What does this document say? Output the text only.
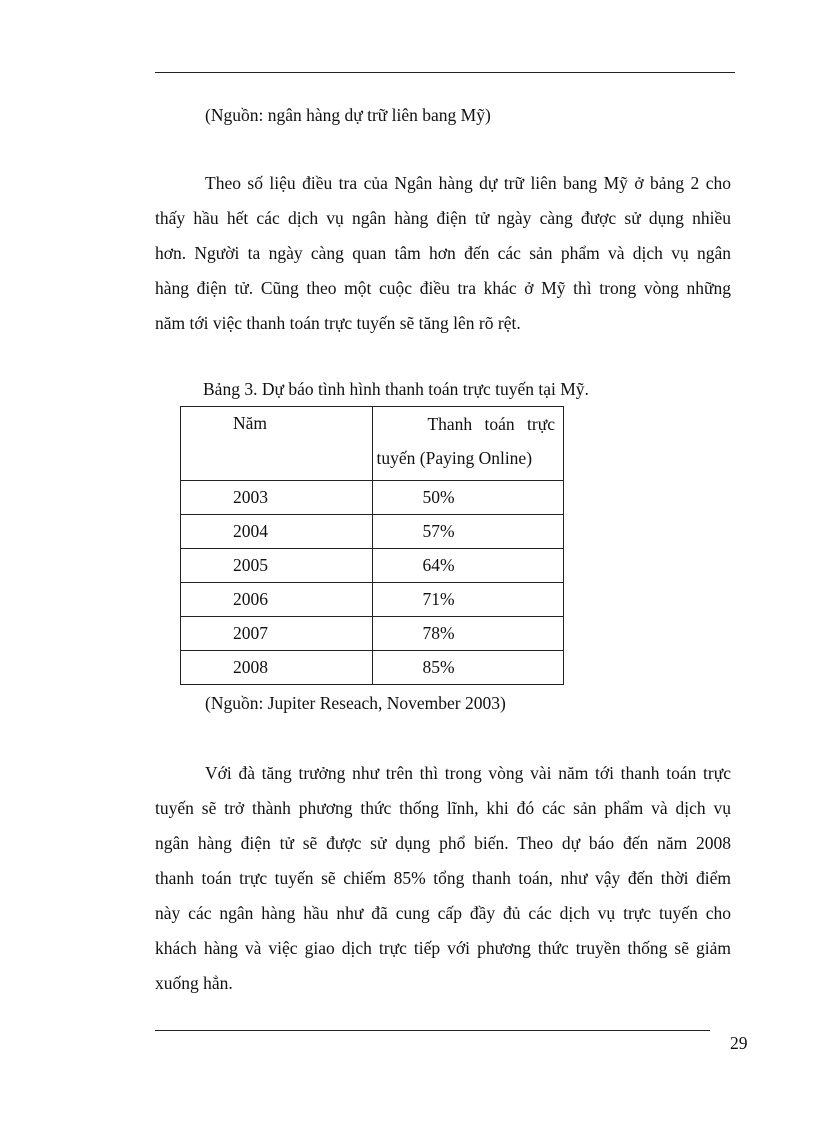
(Nguồn: ngân hàng dự trữ liên bang Mỹ)
Theo số liệu điều tra của Ngân hàng dự trữ liên bang Mỹ ở bảng 2 cho
thấy hầu hết các dịch vụ ngân hàng điện tử ngày càng được sử dụng nhiều
hơn. Người ta ngày càng quan tâm hơn đến các sản phẩm và dịch vụ ngân
hàng điện tử. Cũng theo một cuộc điều tra khác ở Mỹ thì trong vòng những
năm tới việc thanh toán trực tuyến sẽ tăng lên rõ rệt.
Bảng 3. Dự báo tình hình thanh toán trực tuyến tại Mỹ.
Năm	Thanh toán trực
tuyến (Paying Online)

2003	50%
2004	57%
2005	64%
2006	71%
2007	78%
2008	85%
(Nguồn: Jupiter Reseach, November 2003)
Với đà tăng trưởng như trên thì trong vòng vài năm tới thanh toán trực
tuyến sẽ trở thành phương thức thống lĩnh, khi đó các sản phẩm và dịch vụ
ngân hàng điện tử sẽ được sử dụng phổ biến. Theo dự báo đến năm 2008
thanh toán trực tuyến sẽ chiếm 85% tổng thanh toán, như vậy đến thời điểm
này các ngân hàng hầu như đã cung cấp đầy đủ các dịch vụ trực tuyến cho
khách hàng và việc giao dịch trực tiếp với phương thức truyền thống sẽ giảm
xuống hẳn.
29
